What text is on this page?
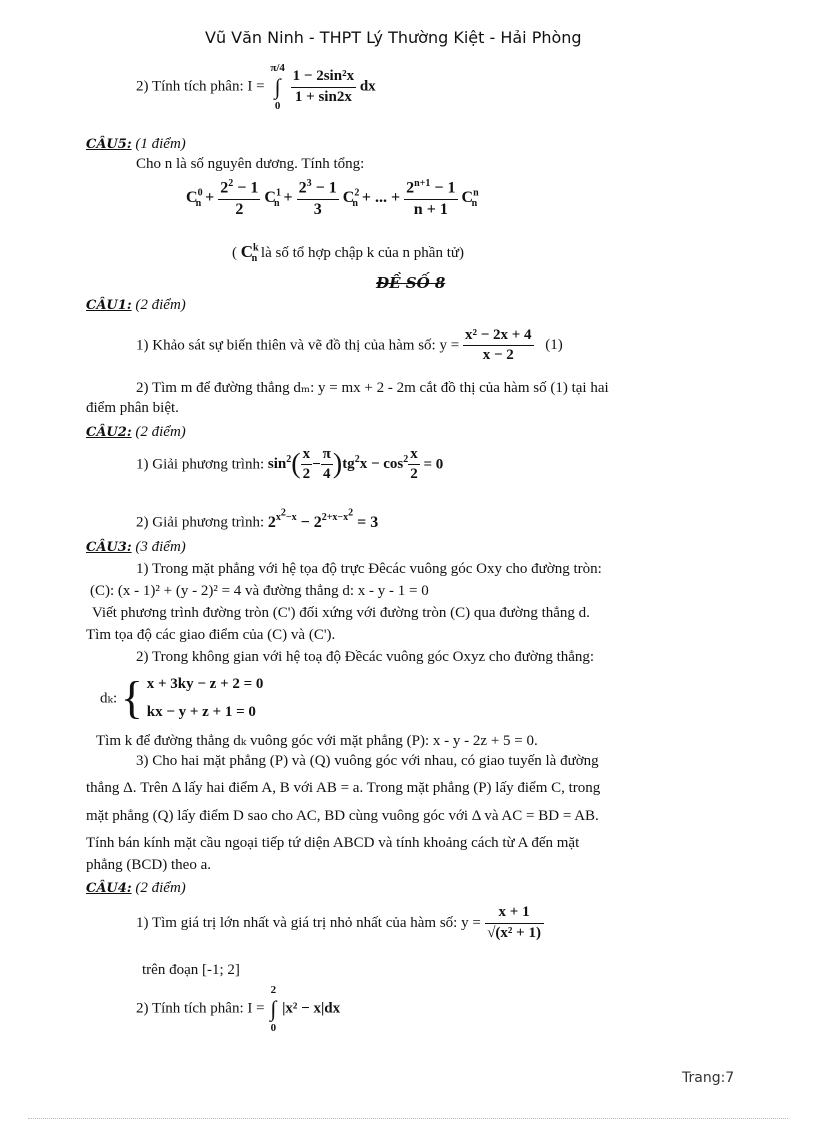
Vũ Văn Ninh - THPT Lý Thường Kiệt - Hải Phòng
2) Tính tích phân: I =
π/4
∫
0

$\frac{\text{1 − 2sin²x}}{1 + \sin 2x}$ dx
CÂU5: (1 điểm)
Cho n là số nguyên dương. Tính tổng:
$C^0_n + \frac{2^2 - 1}{2} C^1_n + \frac{2^3 - 1}{3} C^2_n$ + ... + $\frac{2^{n+1} - 1}{n + 1} C^n_n$
( $C^k_n$ là số tổ hợp chập k của n phần tử)
ĐỀ SỐ 8
CÂU1: (2 điểm)
1) Khảo sát sự biến thiên và vẽ đồ thị của hàm số: $y = \frac{\text{x² − 2x + 4}}{x - 2} (1)$
2) Tìm m để đường thẳng dₘ: y = mx + 2 - 2m cắt đồ thị của hàm số (1) tại hai
điểm phân biệt.
CÂU2: (2 điểm)
1) Giải phương trình: $\sin^2( \frac{x}{2} - \frac{\pi}{4} )tg^2x - \cos^2 \frac{x}{2} = 0$
2) Giải phương trình: $2^{x^2-x} - 2^{2+x-x^2} = 3$
CÂU3: (3 điểm)
1) Trong mặt phẳng với hệ tọa độ trực Đêcác vuông góc Oxy cho đường tròn:
(C): (x - 1)² + (y - 2)² = 4 và đường thẳng d: x - y - 1 = 0
Viết phương trình đường tròn (C') đối xứng với đường tròn (C) qua đường thẳng d.
Tìm tọa độ các giao điểm của (C) và (C').
2) Trong không gian với hệ toạ độ Đềcác vuông góc Oxyz cho đường thẳng:
dₖ: { x + 3ky − z + 2 = 0
kx − y + z + 1 = 0
Tìm k để đường thẳng dₖ vuông góc với mặt phẳng (P): x - y - 2z + 5 = 0.
3) Cho hai mặt phẳng (P) và (Q) vuông góc với nhau, có giao tuyến là đường
thẳng Δ. Trên Δ lấy hai điểm A, B với AB = a. Trong mặt phẳng (P) lấy điểm C, trong
mặt phẳng (Q) lấy điểm D sao cho AC, BD cùng vuông góc với Δ và AC = BD = AB.
Tính bán kính mặt cầu ngoại tiếp tứ diện ABCD và tính khoảng cách từ A đến mặt
phẳng (BCD) theo a.
CÂU4: (2 điểm)
1) Tìm giá trị lớn nhất và giá trị nhỏ nhất của hàm số: $y = \frac{x + 1}{\text{√(x² + 1)}}$
trên đoạn [-1; 2]
2) Tính tích phân: I =
2
∫
0
|x² − x|dx
Trang:7
